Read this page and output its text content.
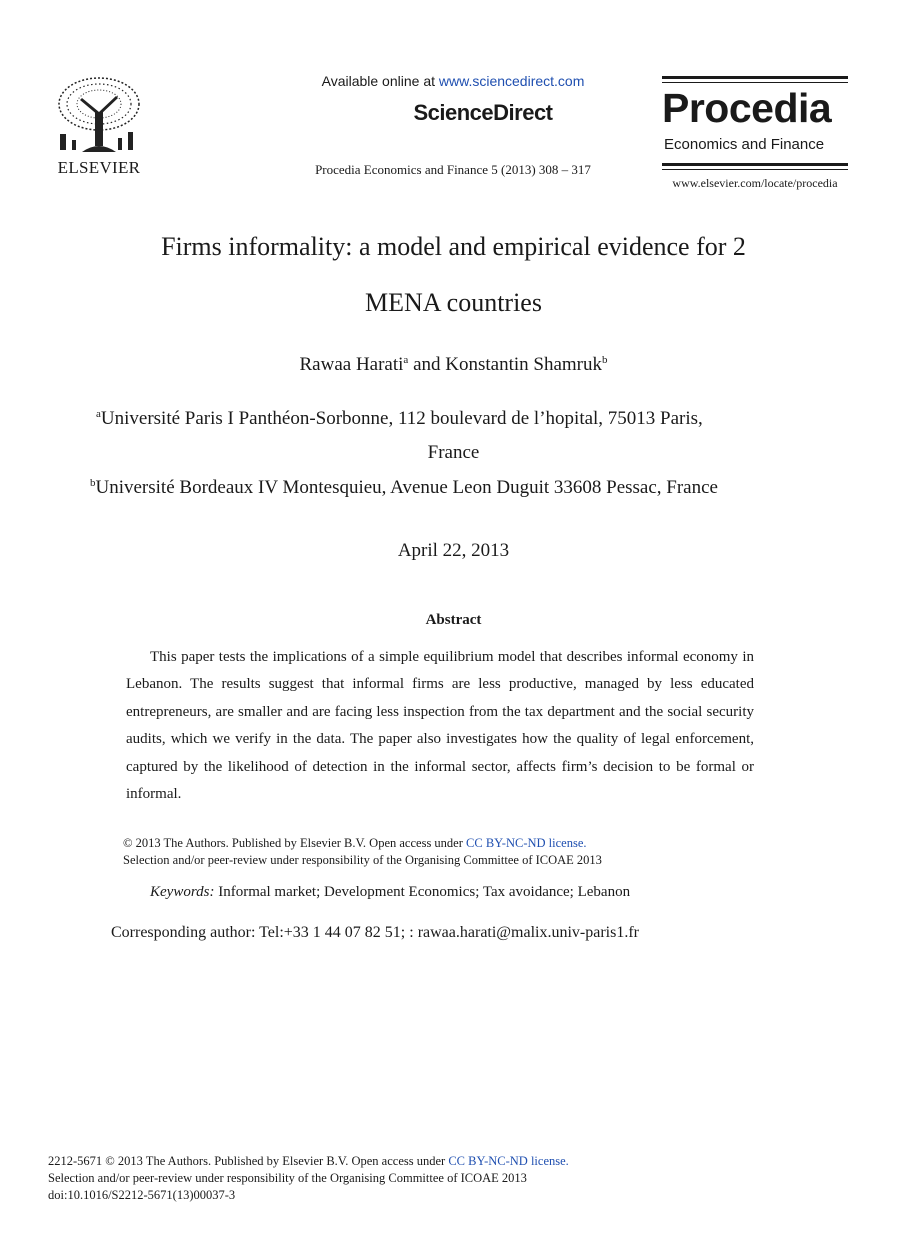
ELSEVIER
Available online at www.sciencedirect.com
ScienceDirect
Procedia Economics and Finance 5 (2013) 308 – 317
Procedia
Economics and Finance
www.elsevier.com/locate/procedia
Firms informality: a model and empirical evidence for 2
MENA countries
Rawaa Harati$^a$ and Konstantin Shamruk$^b$
$^a$Université Paris I Panthéon-Sorbonne, 112 boulevard de l’hopital, 75013 Paris,
France
$^b$Université Bordeaux IV Montesquieu, Avenue Leon Duguit 33608 Pessac, France
April 22, 2013
Abstract
This paper tests the implications of a simple equilibrium model that describes informal economy in Lebanon. The results suggest that informal firms are less productive, managed by less educated entrepreneurs, are smaller and are facing less inspection from the tax department and the social security audits, which we verify in the data. The paper also investigates how the quality of legal enforcement, captured by the likelihood of detection in the informal sector, affects firm’s decision to be formal or informal.
© 2013 The Authors. Published by Elsevier B.V. Open access under CC BY-NC-ND license.
Selection and/or peer-review under responsibility of the Organising Committee of ICOAE 2013
Keywords: Informal market; Development Economics; Tax avoidance; Lebanon
Corresponding author: Tel:+33 1 44 07 82 51; : rawaa.harati@malix.univ-paris1.fr
2212-5671 © 2013 The Authors. Published by Elsevier B.V. Open access under CC BY-NC-ND license.
Selection and/or peer-review under responsibility of the Organising Committee of ICOAE 2013
doi:10.1016/S2212-5671(13)00037-3
